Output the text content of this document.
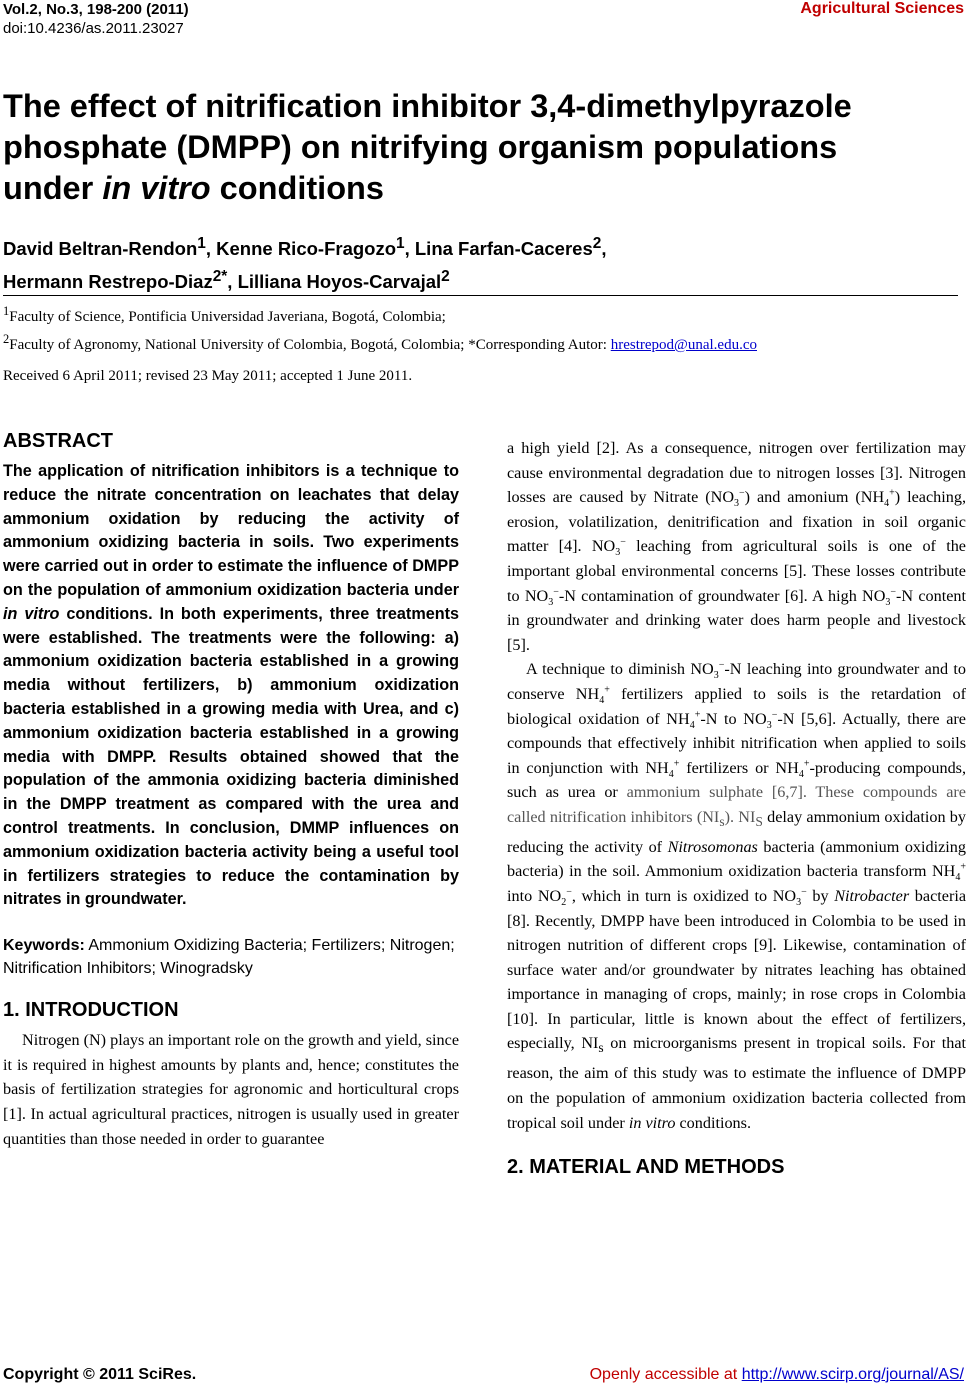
Vol.2, No.3, 198-200 (2011)
doi:10.4236/as.2011.23027
Agricultural Sciences
The effect of nitrification inhibitor 3,4-dimethylpyrazole
phosphate (DMPP) on nitrifying organism populations
under in vitro conditions
David Beltran-Rendon$^1$, Kenne Rico-Fragozo$^1$, Lina Farfan-Caceres$^2$,
Hermann Restrepo-Diaz$^{2*}$, Lilliana Hoyos-Carvajal$^2$
$^1$Faculty of Science, Pontificia Universidad Javeriana, Bogotá, Colombia;
$^2$Faculty of Agronomy, National University of Colombia, Bogotá, Colombia; *Corresponding Autor: hrestrepod@unal.edu.co
Received 6 April 2011; revised 23 May 2011; accepted 1 June 2011.
ABSTRACT

The application of nitrification inhibitors is a technique to reduce the nitrate concentration on leachates that delay ammonium oxidation by reducing the activity of ammonium oxidizing bacteria in soils. Two experiments were carried out in order to estimate the influence of DMPP on the population of ammonium oxidization bacteria under in vitro conditions. In both experiments, three treatments were established. The treatments were the following: a) ammonium oxidization bacteria established in a growing media without fertilizers, b) ammonium oxidization bacteria established in a growing media with Urea, and c) ammonium oxidization bacteria established in a growing media with DMPP. Results obtained showed that the population of the ammonia oxidizing bacteria diminished in the DMPP treatment as compared with the urea and control treatments. In conclusion, DMMP influences on ammonium oxidization bacteria activity being a useful tool in fertilizers strategies to reduce the contamination by nitrates in groundwater.

Keywords: Ammonium Oxidizing Bacteria; Fertilizers; Nitrogen; Nitrification Inhibitors; Winogradsky
1. INTRODUCTION

Nitrogen (N) plays an important role on the growth and yield, since it is required in highest amounts by plants and, hence; constitutes the basis of fertilization strategies for agronomic and horticultural crops [1]. In actual agricultural practices, nitrogen is usually used in greater quantities than those needed in order to guarantee

a high yield [2]. As a consequence, nitrogen over fertilization may cause environmental degradation due to nitrogen losses [3]. Nitrogen losses are caused by Nitrate $(NO_3^-)$ and amonium $(NH_4^+)$ leaching, erosion, volatilization, denitrification and fixation in soil organic matter [4]. $NO_3^-$ leaching from agricultural soils is one of the important global environmental concerns [5]. These losses contribute to $NO_3^--N$ contamination of groundwater [6]. A high $NO_3^--N$ content in groundwater and drinking water does harm people and livestock [5].

A technique to diminish $NO_3^--N$ leaching into groundwater and to conserve $NH_4^+$ fertilizers applied to soils is the retardation of biological oxidation of $NH_4^+-N$ to $NO_3^--N$ [5,6]. Actually, there are compounds that effectively inhibit nitrification when applied to soils in conjunction with $NH_4^+$ fertilizers or $NH_4^+$-producing compounds, such as urea or ammonium sulphate [6,7]. These compounds are called nitrification inhibitors $(NI_s)$. $NI_S$ delay ammonium oxidation by reducing the activity of Nitrosomonas bacteria (ammonium oxidizing bacteria) in the soil. Ammonium oxidization bacteria transform $NH_4^+$ into $NO_2^-$, which in turn is oxidized to $NO_3^-$ by Nitrobacter bacteria [8]. Recently, DMPP have been introduced in Colombia to be used in nitrogen nutrition of different crops [9]. Likewise, contamination of surface water and/or groundwater by nitrates leaching has obtained importance in managing of crops, mainly; in rose crops in Colombia [10]. In particular, little is known about the effect of fertilizers, especially, $NI_s$ on microorganisms present in tropical soils. For that reason, the aim of this study was to estimate the influence of DMPP on the population of ammonium oxidization bacteria collected from tropical soil under in vitro conditions.

2. MATERIAL AND METHODS
Copyright © 2011 SciRes.	Openly accessible at http://www.scirp.org/journal/AS/
